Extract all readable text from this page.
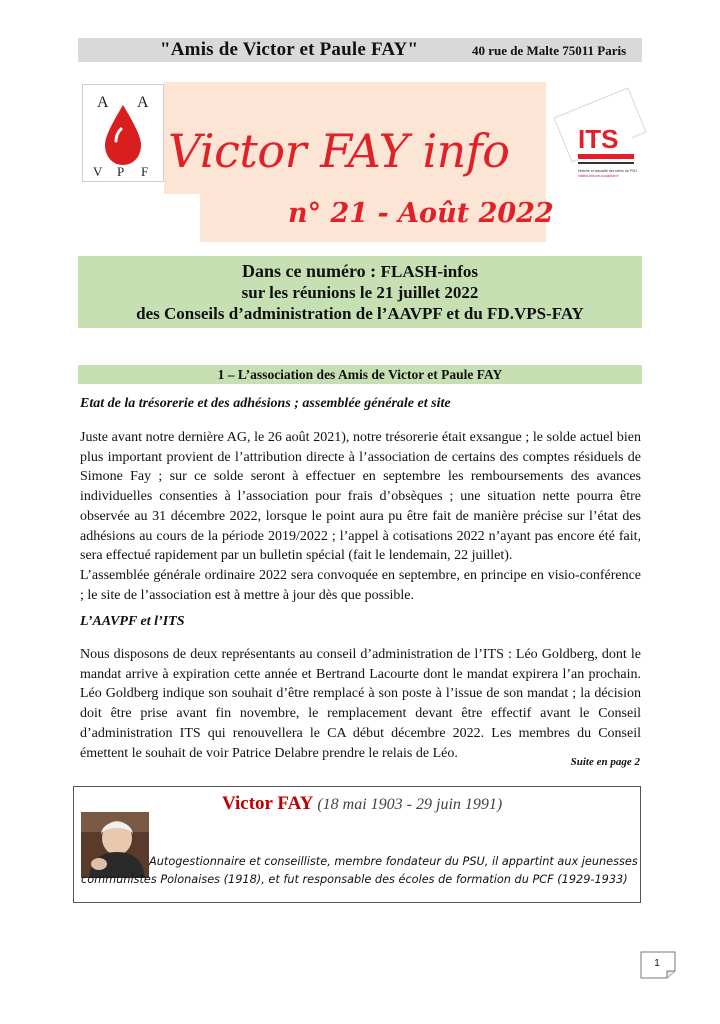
"Amis de Victor et Paule FAY"	40 rue de Malte 75011 Paris
A A
V P F Victor FAY info
n° 21 - Août 2022
ITS
Histoire et actualité des Idées de PSU
institut-tribune-socialiste.fr
Dans ce numéro : FLASH-infos
sur les réunions le 21 juillet 2022
des Conseils d’administration de l’AAVPF et du FD.VPS-FAY
1 – L’association des Amis de Victor et Paule FAY
Etat de la trésorerie et des adhésions ; assemblée générale et site

Juste avant notre dernière AG, le 26 août 2021), notre trésorerie était exsangue ; le solde actuel bien plus important provient de l’attribution directe à l’association de certains des comptes résiduels de Simone Fay ; sur ce solde seront à effectuer en septembre les remboursements des avances individuelles consenties à l’association pour frais d’obsèques ; une situation nette pourra être observée au 31 décembre 2022, lorsque le point aura pu être fait de manière précise sur l’état des adhésions au cours de la période 2019/2022 ; l’appel à cotisations 2022 n’ayant pas encore été fait, sera effectué rapidement par un bulletin spécial (fait le lendemain, 22 juillet).

L’assemblée générale ordinaire 2022 sera convoquée en septembre, en principe en visio-conférence ; le site de l’association est à mettre à jour dès que possible.

L’AAVPF et l’ITS

Nous disposons de deux représentants au conseil d’administration de l’ITS : Léo Goldberg, dont le mandat arrive à expiration cette année et Bertrand Lacourte dont le mandat expirera l’an prochain. Léo Goldberg indique son souhait d’être remplacé à son poste à l’issue de son mandat ; la décision doit être prise avant fin novembre, le remplacement devant être effectif avant le Conseil d’administration ITS qui renouvellera le CA début décembre 2022. Les membres du Conseil émettent le souhait de voir Patrice Delabre prendre le relais de Léo.

Suite en page 2
Victor FAY (18 mai 1903 - 29 juin 1991)
Autogestionnaire et conseilliste, membre fondateur du PSU, il appartint aux jeunesses
communistes Polonaises (1918), et fut responsable des écoles de formation du PCF (1929-1933)
1
